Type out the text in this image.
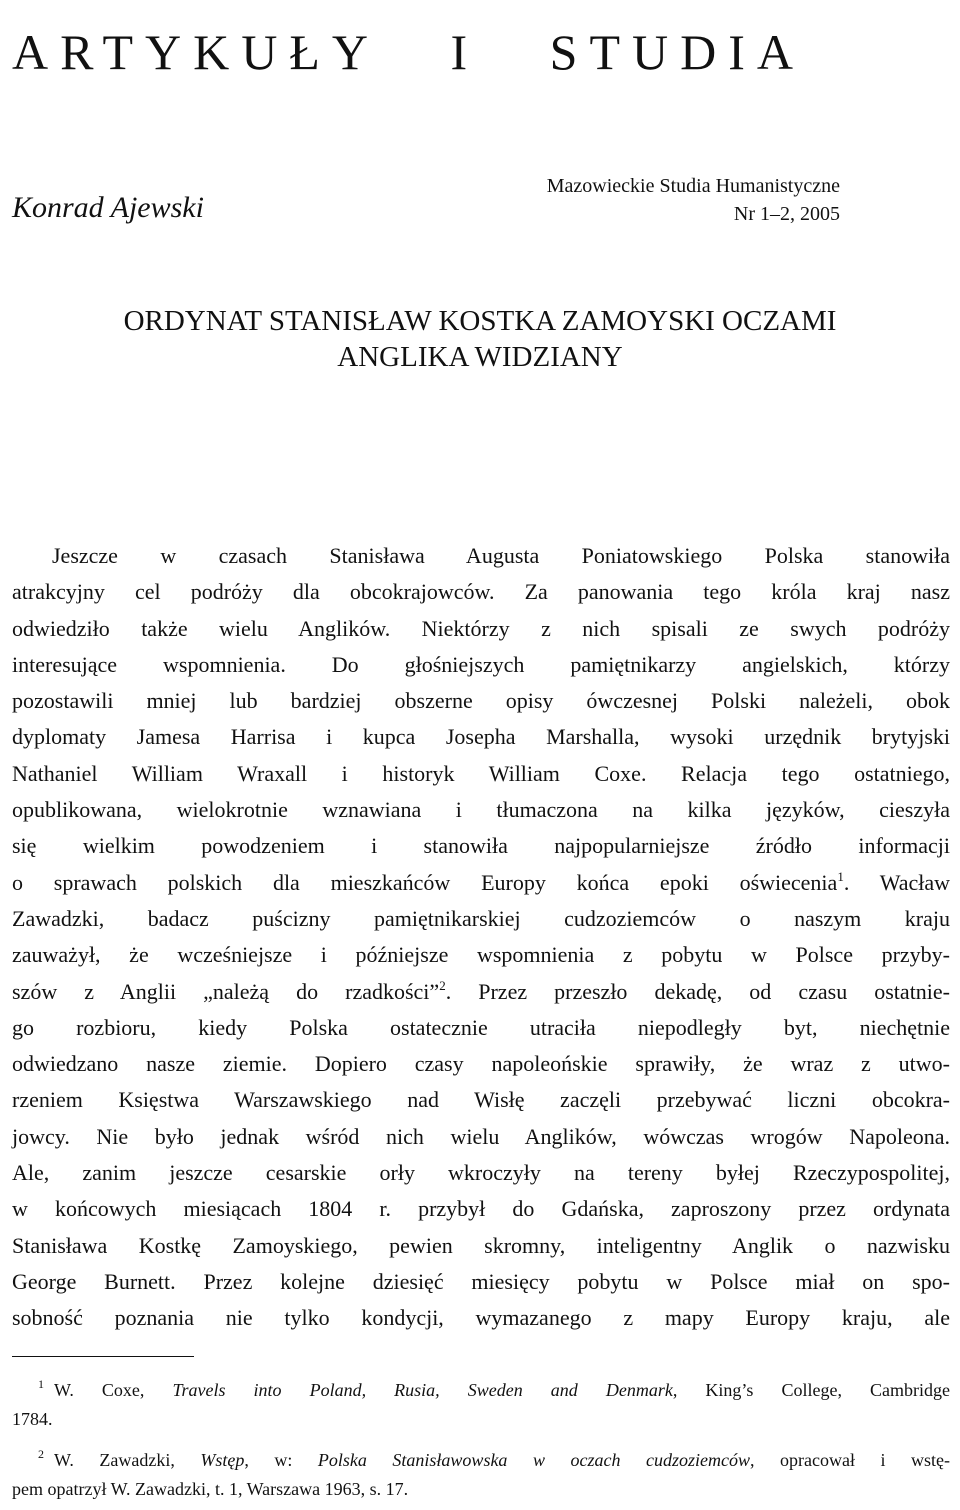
ARTYKUŁY I STUDIA
Konrad Ajewski
Mazowieckie Studia Humanistyczne
Nr 1–2, 2005
ORDYNAT STANISŁAW KOSTKA ZAMOYSKI OCZAMI
ANGLIKA WIDZIANY
Jeszcze w czasach Stanisława Augusta Poniatowskiego Polska stanowiła
atrakcyjny cel podróży dla obcokrajowców. Za panowania tego króla kraj nasz
odwiedziło także wielu Anglików. Niektórzy z nich spisali ze swych podróży
interesujące wspomnienia. Do głośniejszych pamiętnikarzy angielskich, którzy
pozostawili mniej lub bardziej obszerne opisy ówczesnej Polski należeli, obok
dyplomaty Jamesa Harrisa i kupca Josepha Marshalla, wysoki urzędnik brytyjski
Nathaniel William Wraxall i historyk William Coxe. Relacja tego ostatniego,
opublikowana, wielokrotnie wznawiana i tłumaczona na kilka języków, cieszyła
się wielkim powodzeniem i stanowiła najpopularniejsze źródło informacji
o sprawach polskich dla mieszkańców Europy końca epoki oświecenia$^1$. Wacław
Zawadzki, badacz puścizny pamiętnikarskiej cudzoziemców o naszym kraju
zauważył, że wcześniejsze i późniejsze wspomnienia z pobytu w Polsce przyby-
szów z Anglii „należą do rzadkości”$^2$. Przez przeszło dekadę, od czasu ostatnie-
go rozbioru, kiedy Polska ostatecznie utraciła niepodległy byt, niechętnie
odwiedzano nasze ziemie. Dopiero czasy napoleońskie sprawiły, że wraz z utwo-
rzeniem Księstwa Warszawskiego nad Wisłę zaczęli przebywać liczni obcokra-
jowcy. Nie było jednak wśród nich wielu Anglików, wówczas wrogów Napoleona.
Ale, zanim jeszcze cesarskie orły wkroczyły na tereny byłej Rzeczypospolitej,
w końcowych miesiącach 1804 r. przybył do Gdańska, zaproszony przez ordynata
Stanisława Kostkę Zamoyskiego, pewien skromny, inteligentny Anglik o nazwisku
George Burnett. Przez kolejne dziesięć miesięcy pobytu w Polsce miał on spo-
sobność poznania nie tylko kondycji, wymazanego z mapy Europy kraju, ale
$^1$ W. Coxe, Travels into Poland, Rusia, Sweden and Denmark, King’s College, Cambridge
1784.
$^2$ W. Zawadzki, Wstęp, w: Polska Stanisławowska w oczach cudzoziemców, opracował i wstę-
pem opatrzył W. Zawadzki, t. 1, Warszawa 1963, s. 17.
